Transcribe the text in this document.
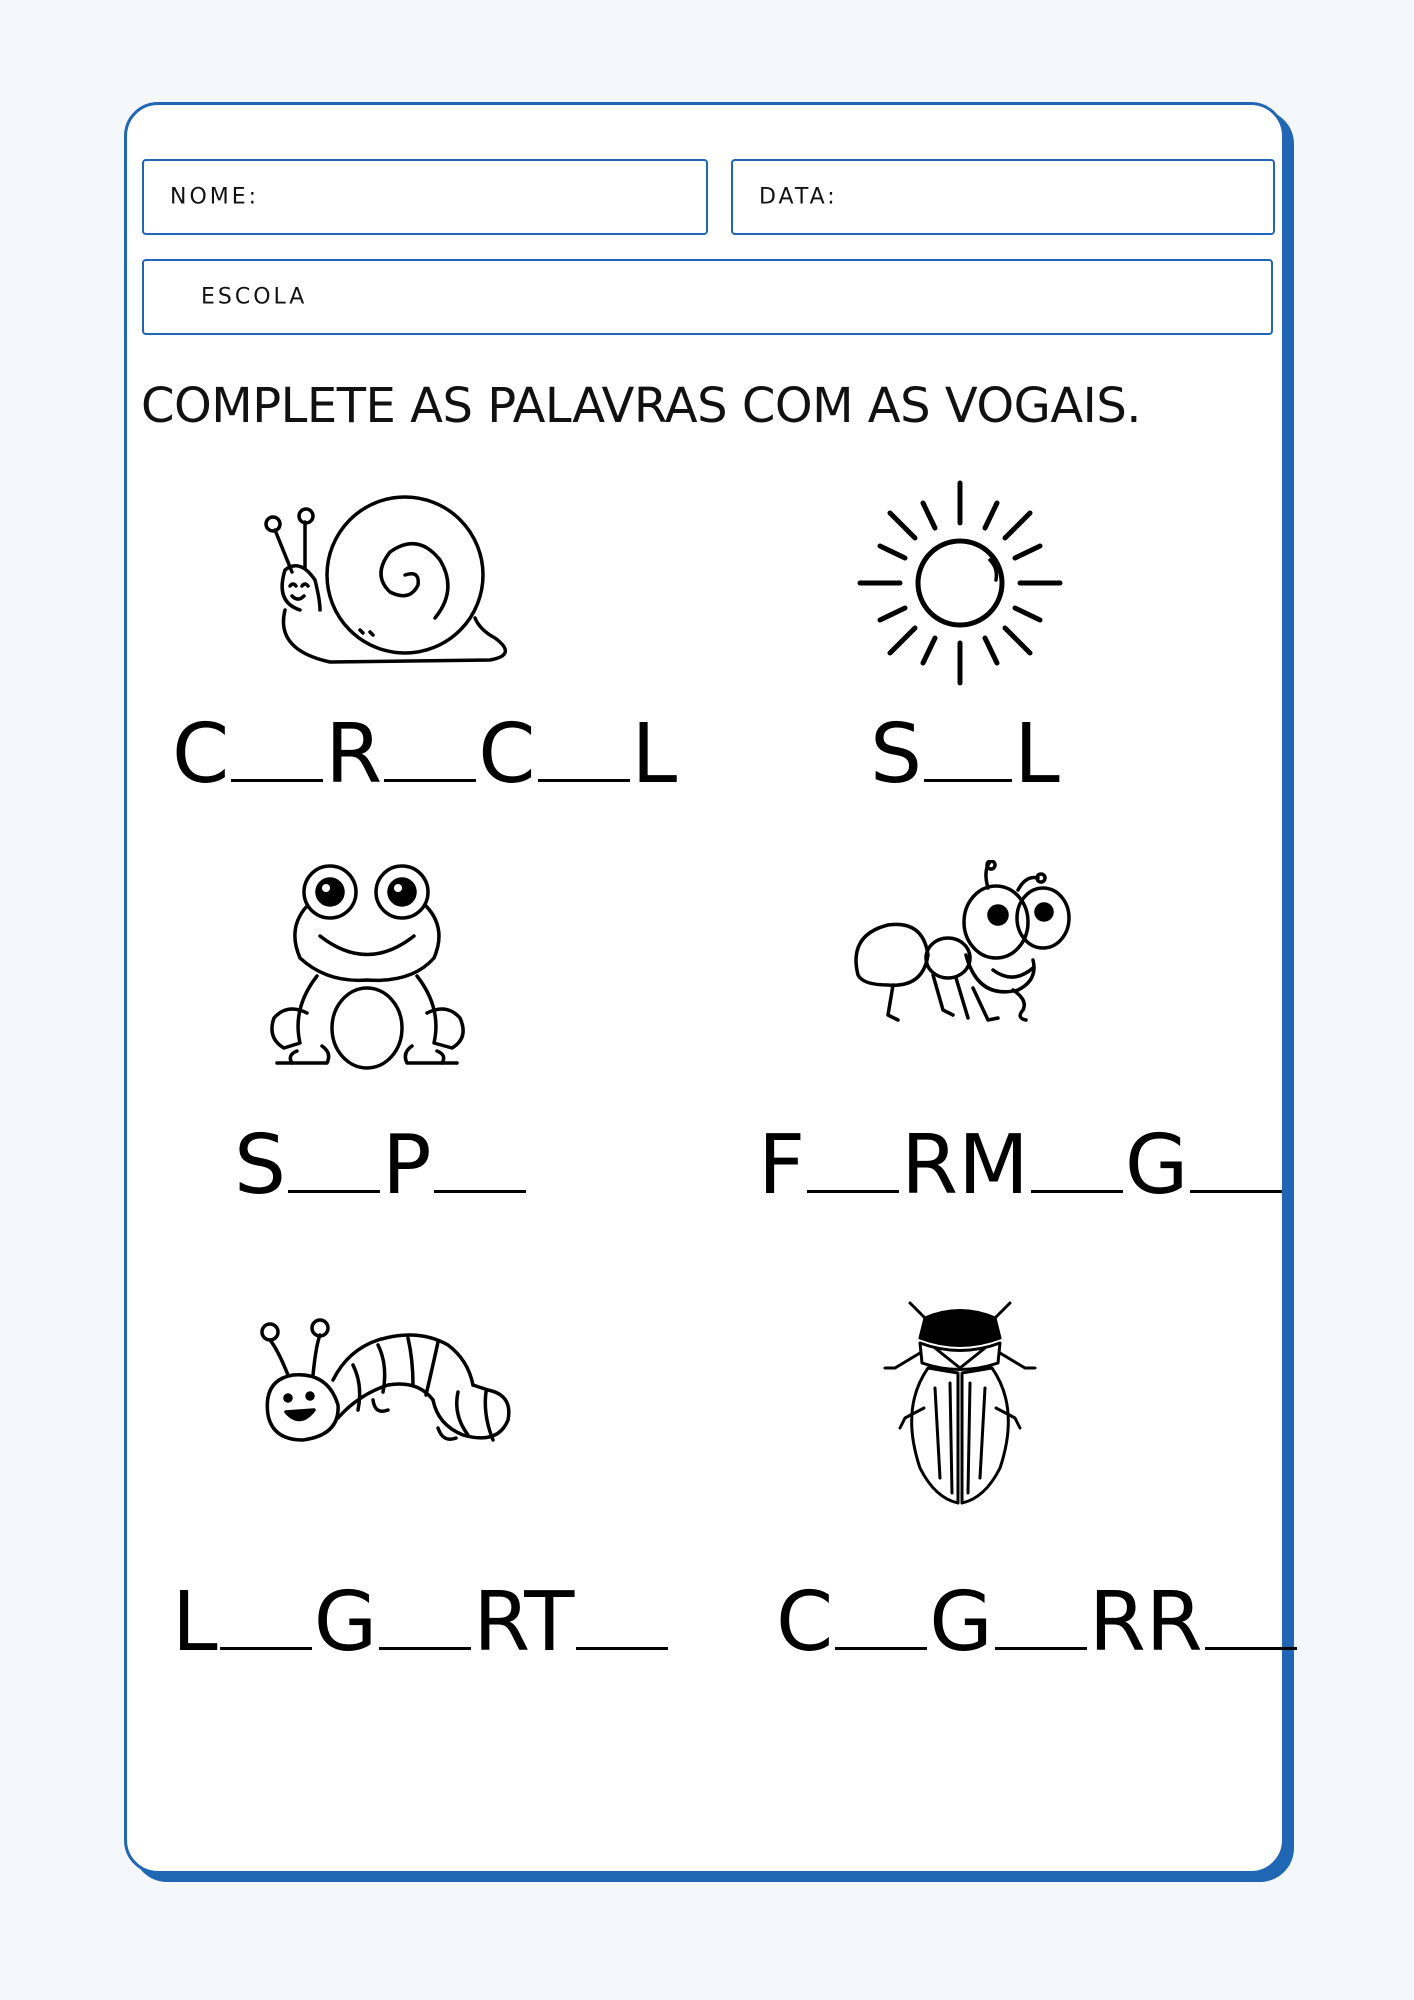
NOME:	DATA:
ESCOLA
COMPLETE AS PALAVRAS COM AS VOGAIS.
C R C L S L
S P	F RM G
L G RT C G RR
